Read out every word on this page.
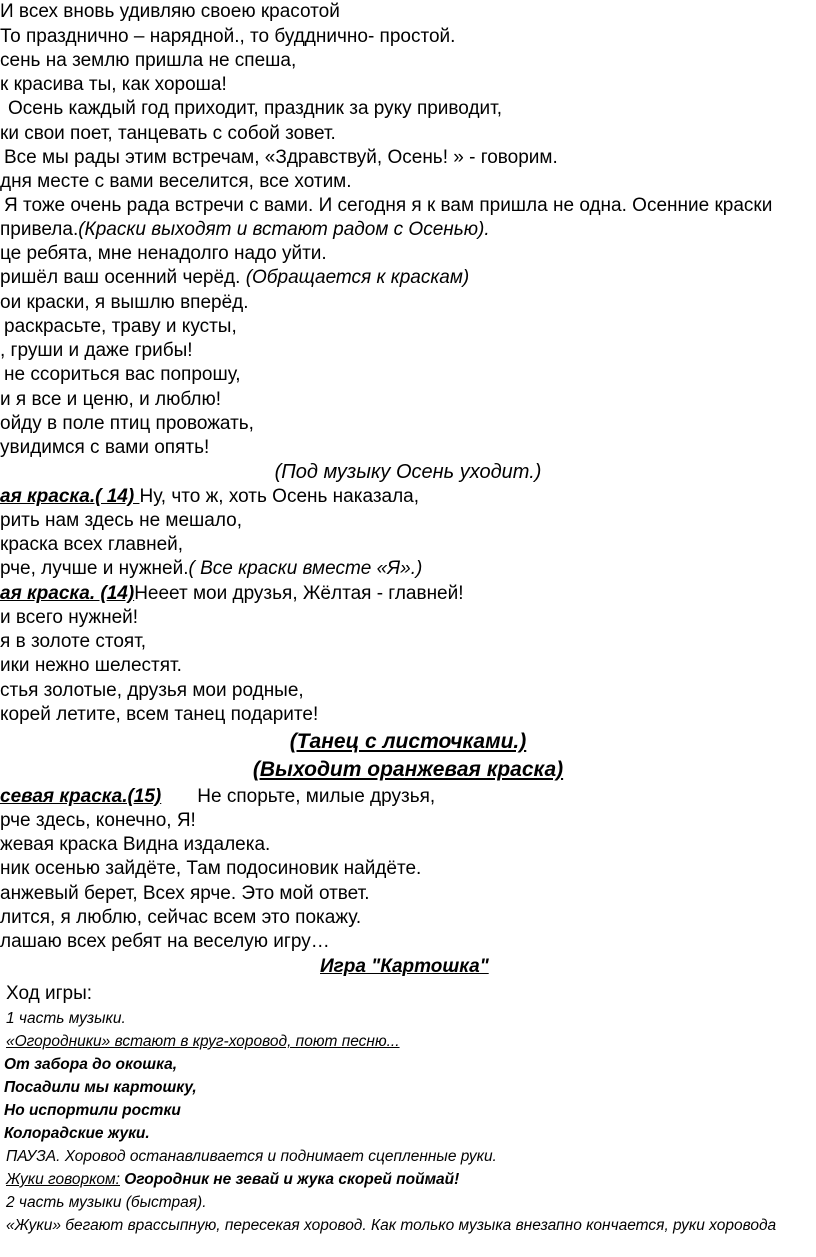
И всех вновь удивляю своею красотой
То празднично – нарядной., то будднично- простой.
сень на землю пришла не спеша,
к красива ты, как хороша!
Осень каждый год приходит, праздник за руку приводит,
ки свои поет, танцевать с собой зовет.
Все мы рады этим встречам, «Здравствуй, Осень! » - говорим.
дня месте с вами веселится, все хотим.
Я тоже очень рада встречи с вами. И сегодня я к вам пришла не одна. Осенние краски
привела.(Краски выходят и встают радом с Осенью).
це ребята, мне ненадолго надо уйти.
ришёл ваш осенний черёд. (Обращается к краскам)
ои краски, я вышлю вперёд.
раскрасьте, траву и кусты,
, груши и даже грибы!
не ссориться вас попрошу,
и я все и ценю, и люблю!
ойду в поле птиц провожать,
увидимся с вами опять!
(Под музыку Осень уходит.)
ая краска.( 14) Ну, что ж, хоть Осень наказала,
рить нам здесь не мешало,
краска всех главней,
рче, лучше и нужней.( Все краски вместе «Я».)
ая краска. (14)Нееет мои друзья, Жёлтая - главней!
и всего нужней!
я в золоте стоят,
ики нежно шелестят.
стья золотые, друзья мои родные,
корей летите, всем танец подарите!
(Танец с листочками.)
(Выходит оранжевая краска)
севая краска.(15) Не спорьте, милые друзья,
рче здесь, конечно, Я!
жевая краска Видна издалека.
ник осенью зайдёте, Там подосиновик найдёте.
анжевый берет, Всех ярче. Это мой ответ.
лится, я люблю, сейчас всем это покажу.
лашаю всех ребят на веселую игру…
Игра "Картошка"
Ход игры:
1 часть музыки.
«Огородники» встают в круг-хоровод, поют песню...
От забора до окошка,
Посадили мы картошку,
Но испортили ростки
Колорадские жуки.
ПАУЗА. Хоровод останавливается и поднимает сцепленные руки.
Жуки говорком: Огородник не зевай и жука скорей поймай!
2 часть музыки (быстрая).
«Жуки» бегают врассыпную, пересекая хоровод. Как только музыка внезапно кончается, руки хоровода
